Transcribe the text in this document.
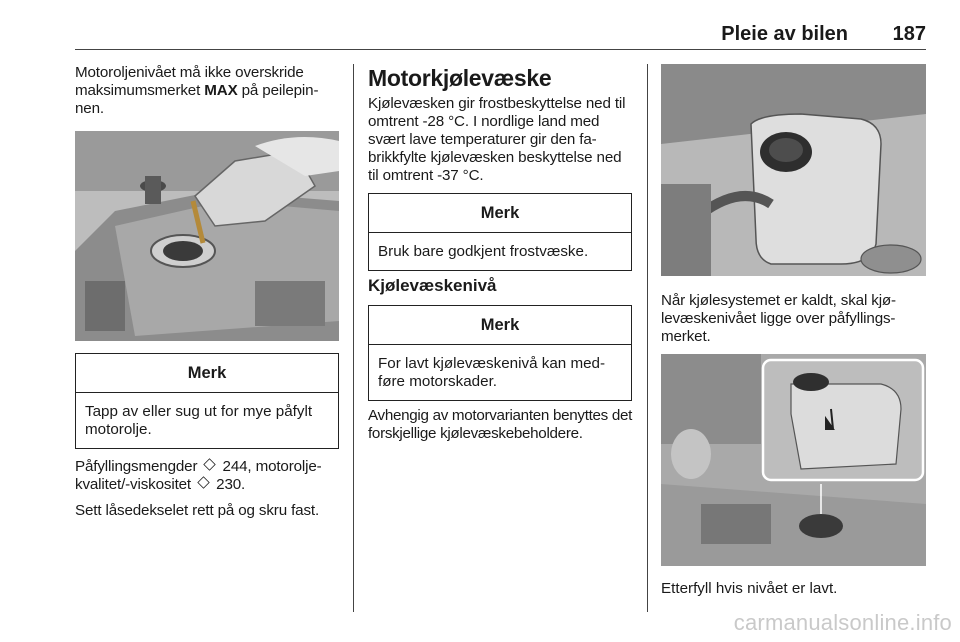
Pleie av bilen 187

Motoroljenivået må ikke overskride maksimumsmerket MAX på peilepin-nen.

Merk
Tapp av eller sug ut for mye påfylt motorolje.

Påfyllingsmengder  244, motorolje-kvalitet/-viskositet  230.

Sett låsedekselet rett på og skru fast.

Motorkjølevæske

Kjølevæsken gir frostbeskyttelse ned til omtrent -28 °C. I nordlige land med svært lave temperaturer gir den fa-brikkfylte kjølevæsken beskyttelse ned til omtrent -37 °C.

Merk
Bruk bare godkjent frostvæske.
Kjølevæskenivå
Merk
For lavt kjølevæskenivå kan med-føre motorskader.

Avhengig av motorvarianten benyttes det forskjellige kjølevæskebeholdere.

Når kjølesystemet er kaldt, skal kjø-levæskenivået ligge over påfyllings-merket.

Etterfyll hvis nivået er lavt.

carmanualsonline.info
